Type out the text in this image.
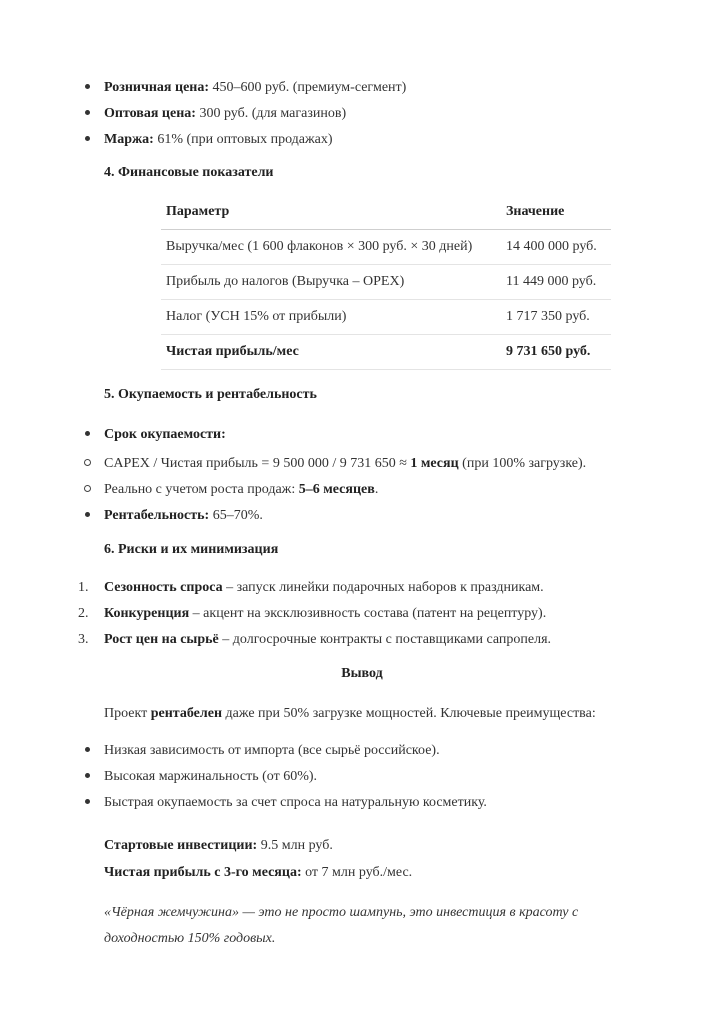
Розничная цена: 450–600 руб. (премиум-сегмент)
Оптовая цена: 300 руб. (для магазинов)
Маржа: 61% (при оптовых продажах)
4. Финансовые показатели
Параметр	Значение
Выручка/мес (1 600 флаконов × 300 руб. × 30 дней)	14 400 000 руб.
Прибыль до налогов (Выручка – OPEX)	11 449 000 руб.
Налог (УСН 15% от прибыли)	1 717 350 руб.
Чистая прибыль/мес	9 731 650 руб.
5. Окупаемость и рентабельность
Срок окупаемости:
CAPEX / Чистая прибыль = 9 500 000 / 9 731 650 ≈ 1 месяц (при 100% загрузке).
Реально с учетом роста продаж: 5–6 месяцев.
Рентабельность: 65–70%.
6. Риски и их минимизация
1. Сезонность спроса – запуск линейки подарочных наборов к праздникам.
2. Конкуренция – акцент на эксклюзивность состава (патент на рецептуру).
3. Рост цен на сырьё – долгосрочные контракты с поставщиками сапропеля.
Вывод
Проект рентабелен даже при 50% загрузке мощностей. Ключевые преимущества:
Низкая зависимость от импорта (все сырьё российское).
Высокая маржинальность (от 60%).
Быстрая окупаемость за счет спроса на натуральную косметику.
Стартовые инвестиции: 9.5 млн руб.
Чистая прибыль с 3-го месяца: от 7 млн руб./мес.
«Чёрная жемчужина» — это не просто шампунь, это инвестиция в красоту с
доходностью 150% годовых.
